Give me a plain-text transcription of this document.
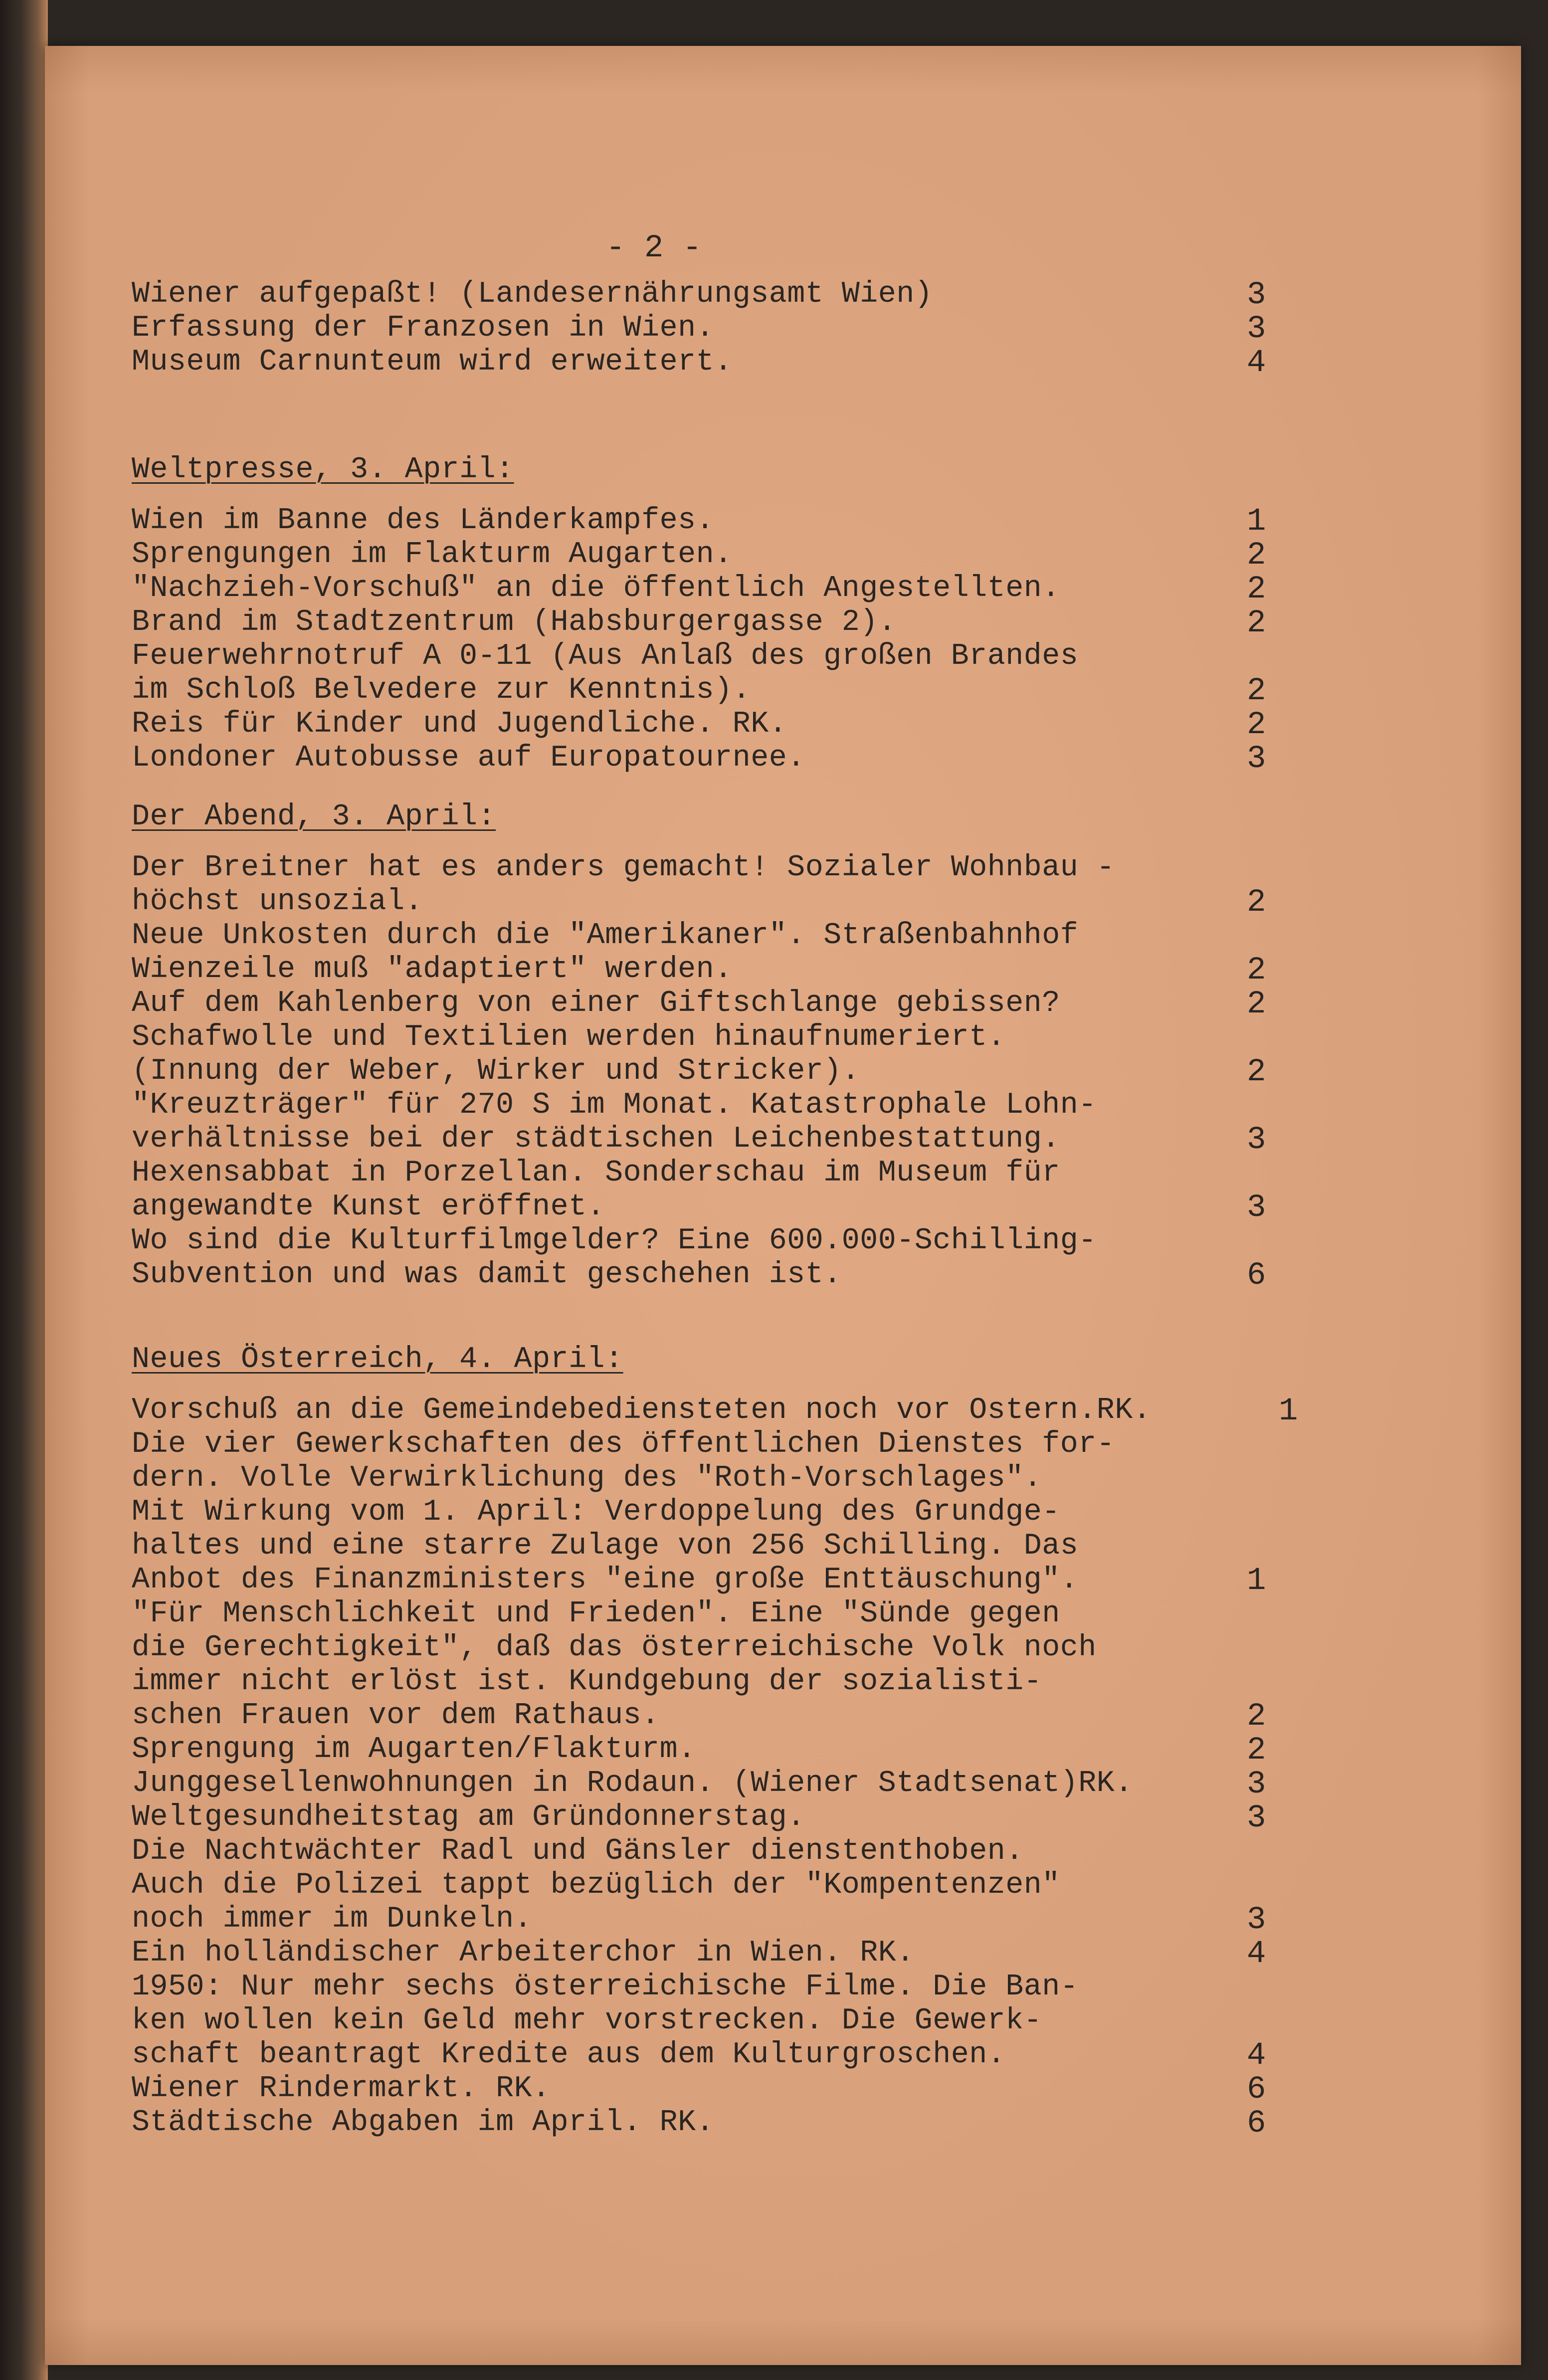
- 2 -
Wiener aufgepaßt! (Landesernährungsamt Wien)	3
Erfassung der Franzosen in Wien.	3
Museum Carnunteum wird erweitert.	4
Weltpresse, 3. April:
Wien im Banne des Länderkampfes.	1
Sprengungen im Flakturm Augarten.	2
"Nachzieh-Vorschuß" an die öffentlich Angestellten.	2
Brand im Stadtzentrum (Habsburgergasse 2).	2
Feuerwehrnotruf A 0-11 (Aus Anlaß des großen Brandes
im Schloß Belvedere zur Kenntnis).	2
Reis für Kinder und Jugendliche. RK.	2
Londoner Autobusse auf Europatournee.	3
Der Abend, 3. April:
Der Breitner hat es anders gemacht! Sozialer Wohnbau -
höchst unsozial.	2
Neue Unkosten durch die "Amerikaner". Straßenbahnhof
Wienzeile muß "adaptiert" werden.	2
Auf dem Kahlenberg von einer Giftschlange gebissen?	2
Schafwolle und Textilien werden hinaufnumeriert.
(Innung der Weber, Wirker und Stricker).	2
"Kreuzträger" für 270 S im Monat. Katastrophale Lohn-
verhältnisse bei der städtischen Leichenbestattung.	3
Hexensabbat in Porzellan. Sonderschau im Museum für
angewandte Kunst eröffnet.	3
Wo sind die Kulturfilmgelder? Eine 600.000-Schilling-
Subvention und was damit geschehen ist.	6
Neues Österreich, 4. April:
Vorschuß an die Gemeindebediensteten noch vor Ostern.RK.	1
Die vier Gewerkschaften des öffentlichen Dienstes for-
dern. Volle Verwirklichung des "Roth-Vorschlages".
Mit Wirkung vom 1. April: Verdoppelung des Grundge-
haltes und eine starre Zulage von 256 Schilling. Das
Anbot des Finanzministers "eine große Enttäuschung".	1
"Für Menschlichkeit und Frieden". Eine "Sünde gegen
die Gerechtigkeit", daß das österreichische Volk noch
immer nicht erlöst ist. Kundgebung der sozialisti-
schen Frauen vor dem Rathaus.	2
Sprengung im Augarten/Flakturm.	2
Junggesellenwohnungen in Rodaun. (Wiener Stadtsenat)RK.	3
Weltgesundheitstag am Gründonnerstag.	3
Die Nachtwächter Radl und Gänsler dienstenthoben.
Auch die Polizei tappt bezüglich der "Kompentenzen"
noch immer im Dunkeln.	3
Ein holländischer Arbeiterchor in Wien. RK.	4
1950: Nur mehr sechs österreichische Filme. Die Ban-
ken wollen kein Geld mehr vorstrecken. Die Gewerk-
schaft beantragt Kredite aus dem Kulturgroschen.	4
Wiener Rindermarkt. RK.	6
Städtische Abgaben im April. RK.	6
